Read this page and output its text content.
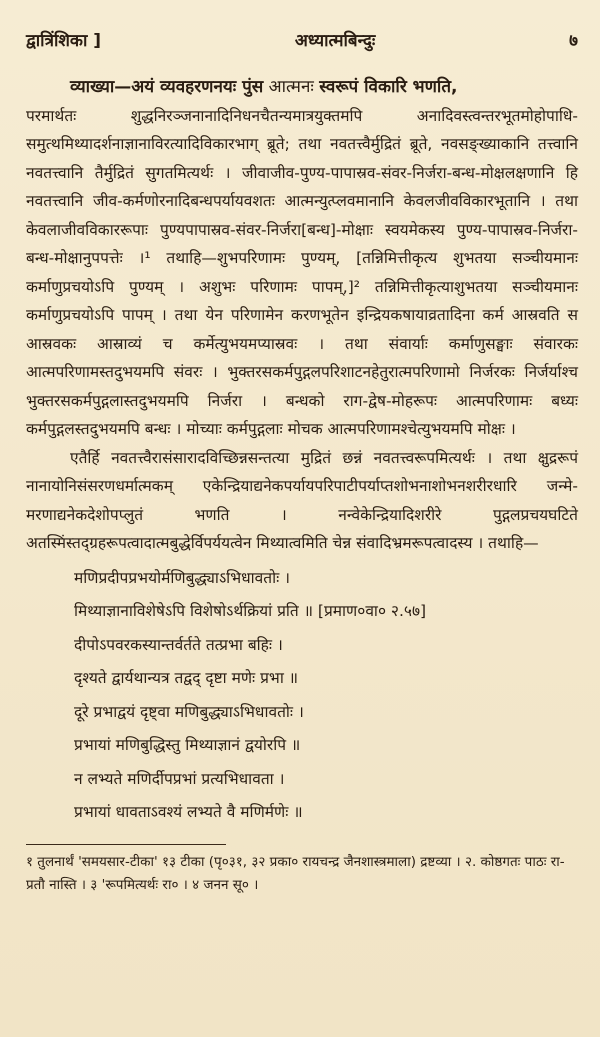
द्वात्रिंशिका ]	अध्यात्मबिन्दुः	७

व्याख्या—अयं व्यवहरणनयः पुंस आत्मनः स्वरूपं विकारि भणति,

परमार्थतः शुद्धनिरञ्जनानादिनिधनचैतन्यमात्रयुक्तमपि अनादिवस्त्वन्तरभूतमोहोपाधि-समुत्थमिथ्यादर्शनाज्ञानाविरत्यादिविकारभाग् ब्रूते; तथा नवतत्त्वैर्मुद्रितं ब्रूते, नवसङ्ख्याकानि तत्त्वानि नवतत्त्वानि तैर्मुद्रितं सुगतमित्यर्थः । जीवाजीव-पुण्य-पापास्रव-संवर-निर्जरा-बन्ध-मोक्षलक्षणानि हि नवतत्त्वानि जीव-कर्मणोरनादिबन्धपर्यायवशतः आत्मन्युत्प्लवमानानि केवलजीवविकारभूतानि । तथा केवलाजीवविकाररूपाः पुण्यपापास्रव-संवर-निर्जरा[बन्ध]-मोक्षाः स्वयमेकस्य पुण्य-पापास्रव-निर्जरा-बन्ध-मोक्षानुपपत्तेः ।¹ तथाहि—शुभपरिणामः पुण्यम्, [तन्निमित्तीकृत्य शुभतया सञ्चीयमानः कर्माणुप्रचयोऽपि पुण्यम् । अशुभः परिणामः पापम्,]² तन्निमित्तीकृत्याशुभतया सञ्चीयमानः कर्माणुप्रचयोऽपि पापम् । तथा येन परिणामेन करणभूतेन इन्द्रियकषायाव्रतादिना कर्म आस्रवति स आस्रवकः आस्राव्यं च कर्मेत्युभयमप्यास्रवः । तथा संवार्याः कर्माणुसङ्घाः संवारकः आत्मपरिणामस्तदुभयमपि संवरः । भुक्तरसकर्मपुद्गलपरिशाटनहेतुरात्मपरिणामो निर्जरकः निर्जर्याश्च भुक्तरसकर्मपुद्गलास्तदुभयमपि निर्जरा । बन्धको राग-द्वेष-मोहरूपः आत्मपरिणामः बध्यः कर्मपुद्गलस्तदुभयमपि बन्धः । मोच्याः कर्मपुद्गलाः मोचक आत्मपरिणामश्चेत्युभयमपि मोक्षः ।

एतैर्हि नवतत्त्वैरासंसारादविच्छिन्नसन्तत्या मुद्रितं छन्नं नवतत्त्वरूपमित्यर्थः । तथा क्षुद्ररूपं नानायोनिसंसरणधर्मात्मकम् एकेन्द्रियाद्यनेकपर्यायपरिपाटीपर्याप्तशोभनाशोभनशरीरधारि जन्मे-मरणाद्यनेकदेशोपप्लुतं भणति । नन्वेकेन्द्रियादिशरीरे पुद्गलप्रचयघटिते अतस्मिंस्तद्ग्रहरूपत्वादात्मबुद्धेर्विपर्ययत्वेन मिथ्यात्वमिति चेन्न संवादिभ्रमरूपत्वादस्य । तथाहि—

मणिप्रदीपप्रभयोर्मणिबुद्ध्याऽभिधावतोः ।
मिथ्याज्ञानाविशेषेऽपि विशेषोऽर्थक्रियां प्रति ॥ [प्रमाण०वा० २.५७]
दीपोऽपवरकस्यान्तर्वर्तते तत्प्रभा बहिः ।
दृश्यते द्वार्यथान्यत्र तद्वद् दृष्टा मणेः प्रभा ॥
दूरे प्रभाद्वयं दृष्ट्वा मणिबुद्ध्याऽभिधावतोः ।
प्रभायां मणिबुद्धिस्तु मिथ्याज्ञानं द्वयोरपि ॥
न लभ्यते मणिर्दीपप्रभां प्रत्यभिधावता ।
प्रभायां धावताऽवश्यं लभ्यते वै मणिर्मणेः ॥

१ तुलनार्थं 'समयसार-टीका' १३ टीका (पृ०३१, ३२ प्रका० रायचन्द्र जैनशास्त्रमाला) द्रष्टव्या । २. कोष्ठगतः पाठः रा-प्रतौ नास्ति । ३ 'रूपमित्यर्थः रा० । ४ जनन सू० ।
